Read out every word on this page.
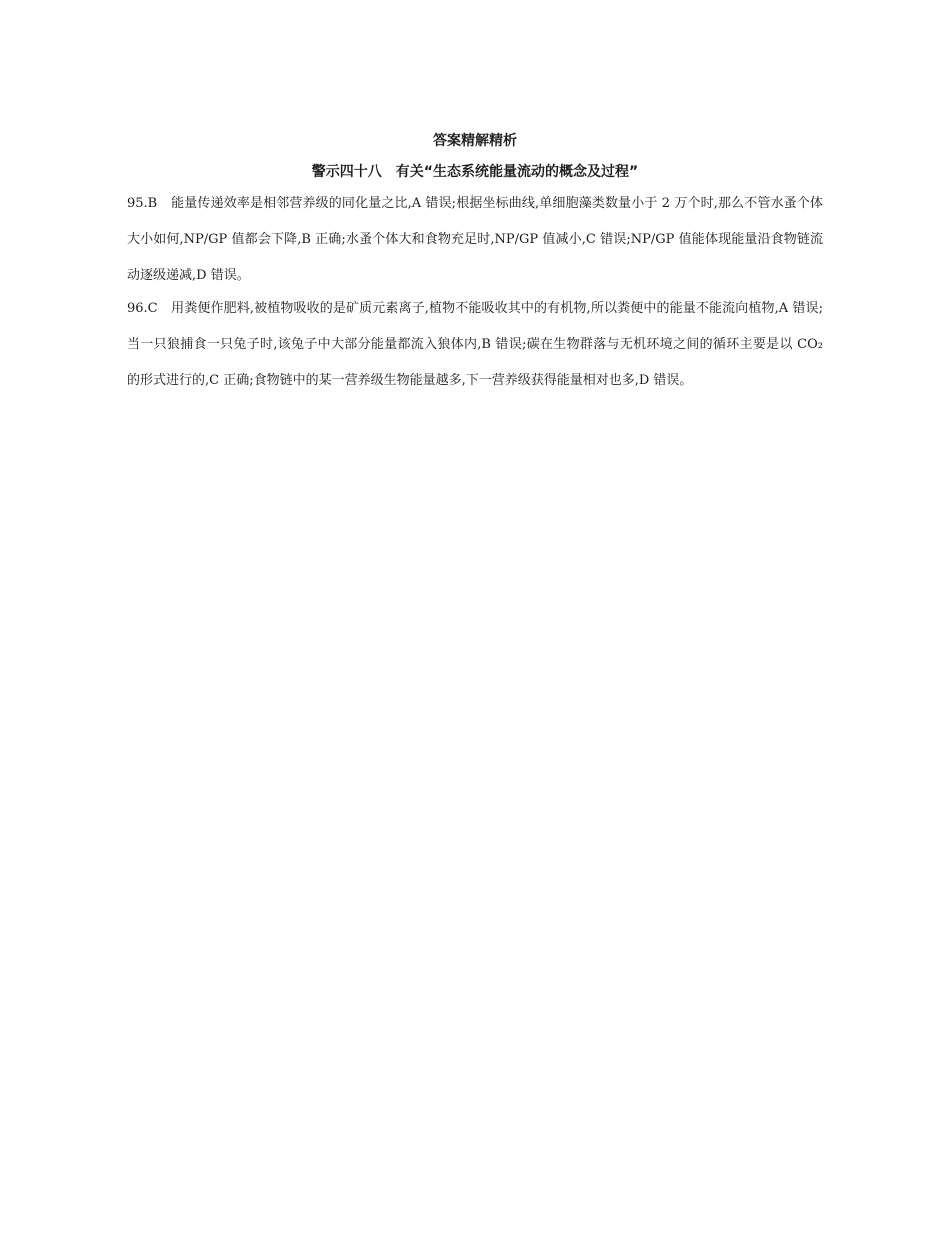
答案精解精析
警示四十八　有关“生态系统能量流动的概念及过程”
95.B 能量传递效率是相邻营养级的同化量之比,A 错误;根据坐标曲线,单细胞藻类数量小于 2 万个时,那么不管水蚤个体大小如何,NP/GP 值都会下降,B 正确;水蚤个体大和食物充足时,NP/GP 值减小,C 错误;NP/GP 值能体现能量沿食物链流动逐级递减,D 错误。
96.C 用粪便作肥料,被植物吸收的是矿质元素离子,植物不能吸收其中的有机物,所以粪便中的能量不能流向植物,A 错误;当一只狼捕食一只兔子时,该兔子中大部分能量都流入狼体内,B 错误;碳在生物群落与无机环境之间的循环主要是以 CO₂ 的形式进行的,C 正确;食物链中的某一营养级生物能量越多,下一营养级获得能量相对也多,D 错误。
